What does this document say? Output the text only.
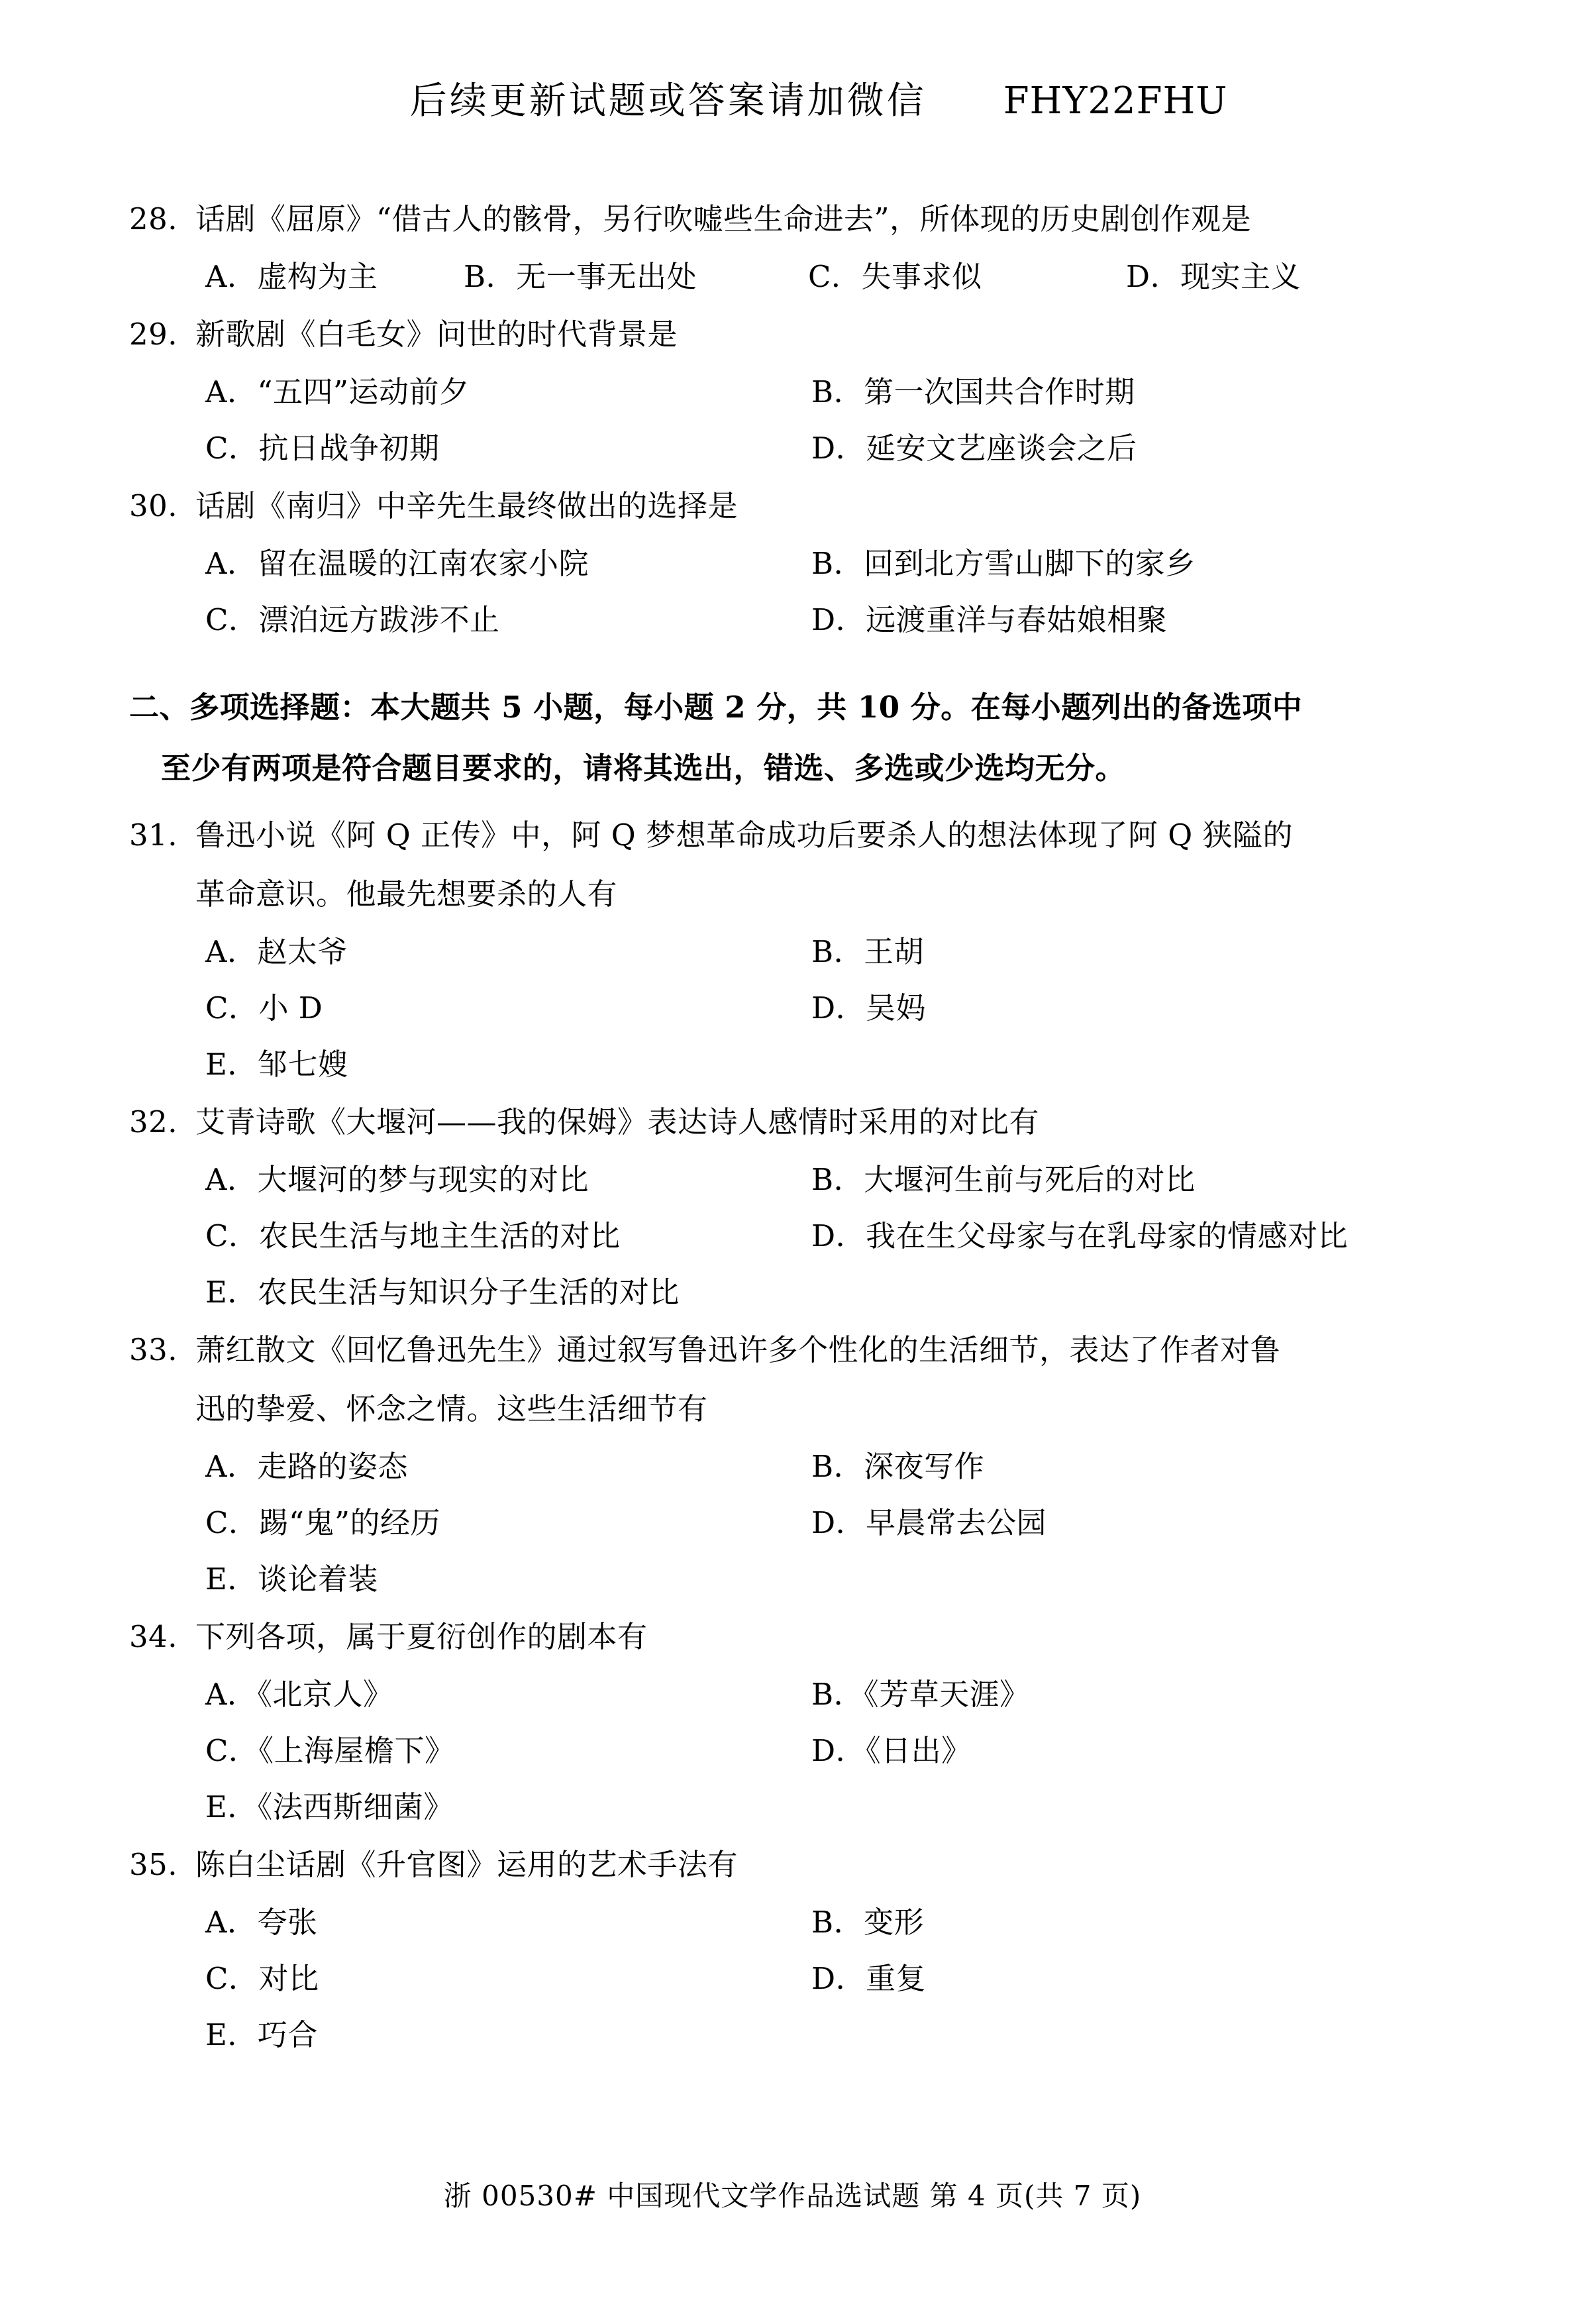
后续更新试题或答案请加微信   FHY22FHU

28. 话剧《屈原》“借古人的骸骨，另行吹嘘些生命进去”，所体现的历史剧创作观是
A．虚构为主	B．无一事无出处	C．失事求似	D．现实主义
29. 新歌剧《白毛女》问世的时代背景是
A．“五四”运动前夕	B．第一次国共合作时期
C．抗日战争初期	D．延安文艺座谈会之后
30. 话剧《南归》中辛先生最终做出的选择是
A．留在温暖的江南农家小院	B．回到北方雪山脚下的家乡
C．漂泊远方跋涉不止	D．远渡重洋与春姑娘相聚
二、多项选择题：本大题共 5 小题，每小题 2 分，共 10 分。在每小题列出的备选项中
至少有两项是符合题目要求的，请将其选出，错选、多选或少选均无分。
31. 鲁迅小说《阿 Q 正传》中，阿 Q 梦想革命成功后要杀人的想法体现了阿 Q 狭隘的
革命意识。他最先想要杀的人有
A．赵太爷	B．王胡
C．小 D	D．吴妈
E．邹七嫂
32. 艾青诗歌《大堰河——我的保姆》表达诗人感情时采用的对比有
A．大堰河的梦与现实的对比	B．大堰河生前与死后的对比
C．农民生活与地主生活的对比	D．我在生父母家与在乳母家的情感对比
E．农民生活与知识分子生活的对比
33. 萧红散文《回忆鲁迅先生》通过叙写鲁迅许多个性化的生活细节，表达了作者对鲁
迅的挚爱、怀念之情。这些生活细节有
A．走路的姿态	B．深夜写作
C．踢“鬼”的经历	D．早晨常去公园
E．谈论着装
34. 下列各项，属于夏衍创作的剧本有
A．《北京人》	B．《芳草天涯》
C．《上海屋檐下》	D．《日出》
E．《法西斯细菌》
35. 陈白尘话剧《升官图》运用的艺术手法有
A．夸张	B．变形
C．对比	D．重复
E．巧合
浙 00530# 中国现代文学作品选试题 第 4 页(共 7 页)
